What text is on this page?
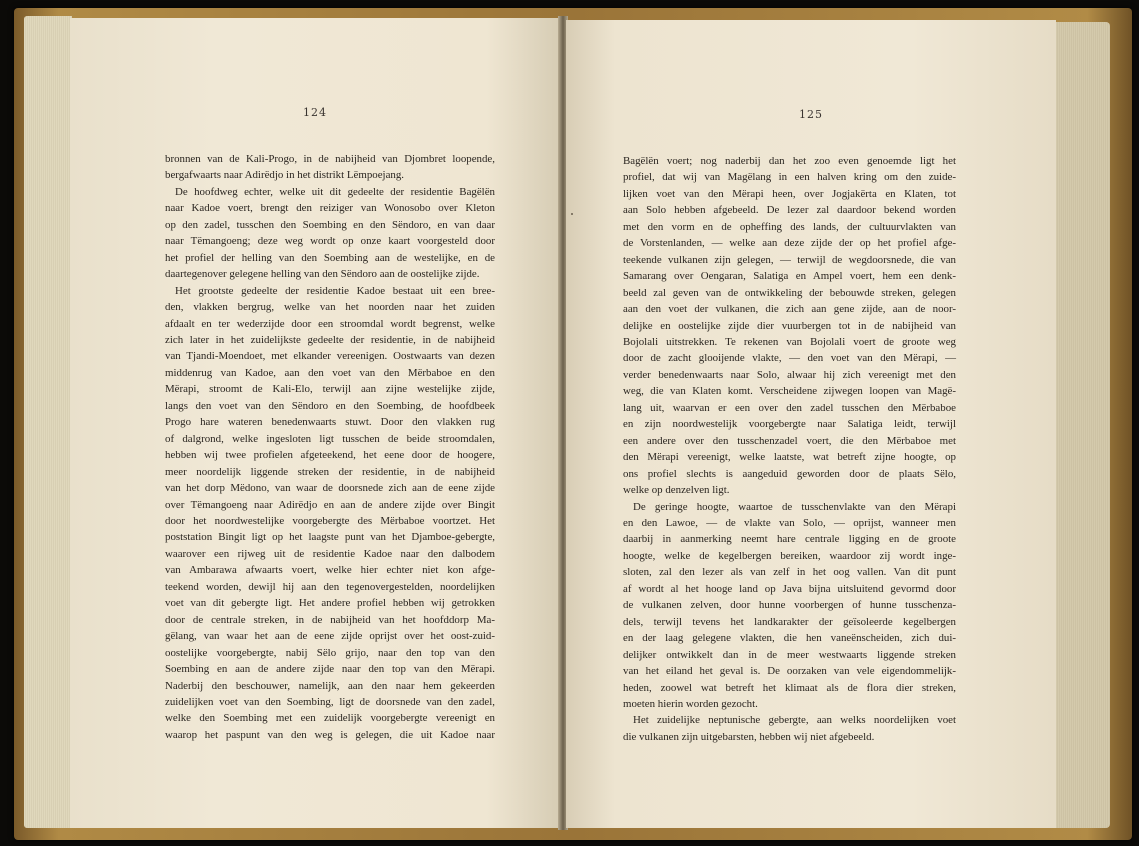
124
bronnen van de Kali-Progo, in de nabijheid van Djombret loopende,
bergafwaarts naar Adirëdjo in het distrikt Lëmpoejang.
De hoofdweg echter, welke uit dit gedeelte der residentie Bagëlën
naar Kadoe voert, brengt den reiziger van Wonosobo over Kleton
op den zadel, tusschen den Soembing en den Sëndoro, en van daar
naar Tëmangoeng; deze weg wordt op onze kaart voorgesteld door
het profiel der helling van den Soembing aan de westelijke, en de
daartegenover gelegene helling van den Sëndoro aan de oostelijke zijde.
Het grootste gedeelte der residentie Kadoe bestaat uit een bree-
den, vlakken bergrug, welke van het noorden naar het zuiden
afdaalt en ter wederzijde door een stroomdal wordt begrenst, welke
zich later in het zuidelijkste gedeelte der residentie, in de nabijheid
van Tjandi-Moendoet, met elkander vereenigen. Oostwaarts van dezen
middenrug van Kadoe, aan den voet van den Mërbaboe en den
Mërapi, stroomt de Kali-Elo, terwijl aan zijne westelijke zijde,
langs den voet van den Sëndoro en den Soembing, de hoofdbeek
Progo hare wateren benedenwaarts stuwt. Door den vlakken rug
of dalgrond, welke ingesloten ligt tusschen de beide stroomdalen,
hebben wij twee profielen afgeteekend, het eene door de hoogere,
meer noordelijk liggende streken der residentie, in de nabijheid
van het dorp Mëdono, van waar de doorsnede zich aan de eene zijde
over Tëmangoeng naar Adirëdjo en aan de andere zijde over Bingit
door het noordwestelijke voorgebergte des Mërbaboe voortzet. Het
poststation Bingit ligt op het laagste punt van het Djamboe-gebergte,
waarover een rijweg uit de residentie Kadoe naar den dalbodem
van Ambarawa afwaarts voert, welke hier echter niet kon afge-
teekend worden, dewijl hij aan den tegenovergestelden, noordelijken
voet van dit gebergte ligt. Het andere profiel hebben wij getrokken
door de centrale streken, in de nabijheid van het hoofddorp Ma-
gëlang, van waar het aan de eene zijde oprijst over het oost-zuid-
oostelijke voorgebergte, nabij Sëlo grijo, naar den top van den
Soembing en aan de andere zijde naar den top van den Mërapi.
Naderbij den beschouwer, namelijk, aan den naar hem gekeerden
zuidelijken voet van den Soembing, ligt de doorsnede van den zadel,
welke den Soembing met een zuidelijk voorgebergte vereenigt en
waarop het paspunt van den weg is gelegen, die uit Kadoe naar
125
Bagëlën voert; nog naderbij dan het zoo even genoemde ligt het
profiel, dat wij van Magëlang in een halven kring om den zuide-
lijken voet van den Mërapi heen, over Jogjakërta en Klaten, tot
aan Solo hebben afgebeeld. De lezer zal daardoor bekend worden
met den vorm en de opheffing des lands, der cultuurvlakten van
de Vorstenlanden, — welke aan deze zijde der op het profiel afge-
teekende vulkanen zijn gelegen, — terwijl de wegdoorsnede, die van
Samarang over Oengaran, Salatiga en Ampel voert, hem een denk-
beeld zal geven van de ontwikkeling der bebouwde streken, gelegen
aan den voet der vulkanen, die zich aan gene zijde, aan de noor-
delijke en oostelijke zijde dier vuurbergen tot in de nabijheid van
Bojolali uitstrekken. Te rekenen van Bojolali voert de groote weg
door de zacht glooijende vlakte, — den voet van den Mërapi, —
verder benedenwaarts naar Solo, alwaar hij zich vereenigt met den
weg, die van Klaten komt. Verscheidene zijwegen loopen van Magë-
lang uit, waarvan er een over den zadel tusschen den Mërbaboe
en zijn noordwestelijk voorgebergte naar Salatiga leidt, terwijl
een andere over den tusschenzadel voert, die den Mërbaboe met
den Mërapi vereenigt, welke laatste, wat betreft zijne hoogte, op
ons profiel slechts is aangeduid geworden door de plaats Sëlo,
welke op denzelven ligt.
De geringe hoogte, waartoe de tusschenvlakte van den Mërapi
en den Lawoe, — de vlakte van Solo, — oprijst, wanneer men
daarbij in aanmerking neemt hare centrale ligging en de groote
hoogte, welke de kegelbergen bereiken, waardoor zij wordt inge-
sloten, zal den lezer als van zelf in het oog vallen. Van dit punt
af wordt al het hooge land op Java bijna uitsluitend gevormd door
de vulkanen zelven, door hunne voorbergen of hunne tusschenza-
dels, terwijl tevens het landkarakter der geïsoleerde kegelbergen
en der laag gelegene vlakten, die hen vaneënscheiden, zich dui-
delijker ontwikkelt dan in de meer westwaarts liggende streken
van het eiland het geval is. De oorzaken van vele eigendommelijk-
heden, zoowel wat betreft het klimaat als de flora dier streken,
moeten hierin worden gezocht.
Het zuidelijke neptunische gebergte, aan welks noordelijken voet
die vulkanen zijn uitgebarsten, hebben wij niet afgebeeld.
